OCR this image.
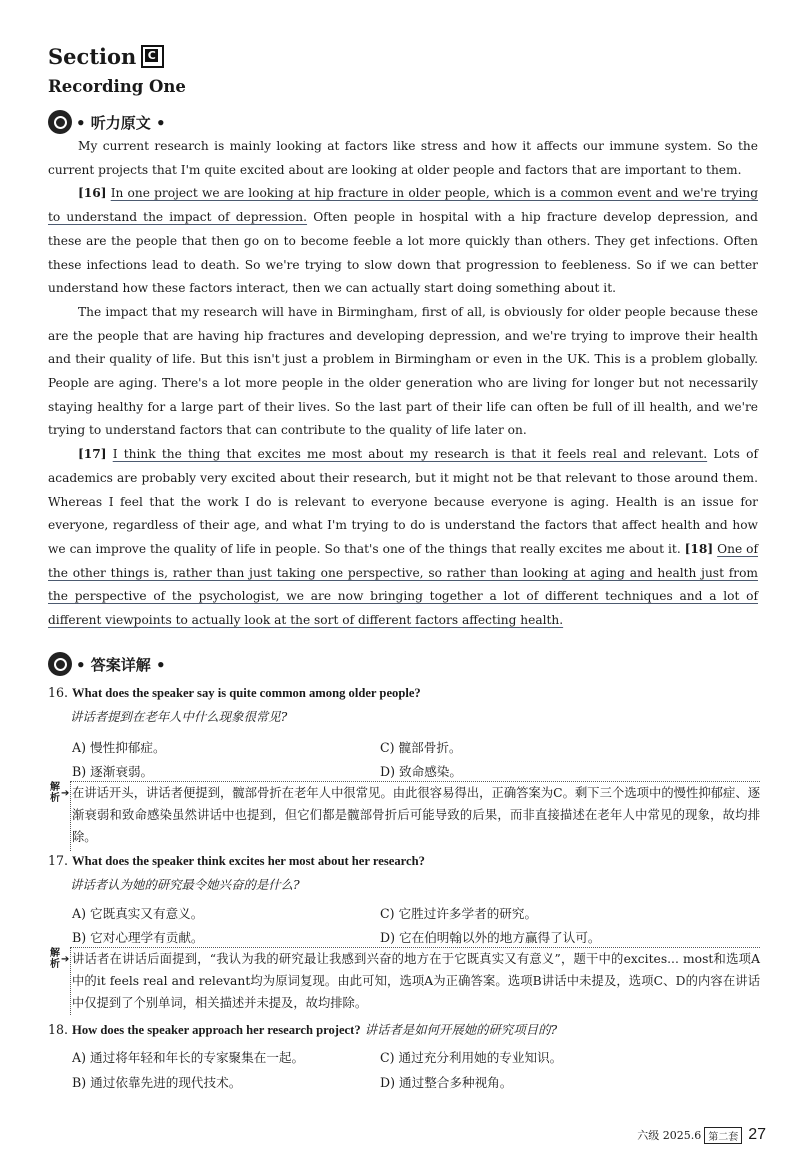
Section C
Recording One
• 听力原文 •

My current research is mainly looking at factors like stress and how it affects our immune system. So the current projects that I'm quite excited about are looking at older people and factors that are important to them.

[16] In one project we are looking at hip fracture in older people, which is a common event and we're trying to understand the impact of depression. Often people in hospital with a hip fracture develop depression, and these are the people that then go on to become feeble a lot more quickly than others. They get infections. Often these infections lead to death. So we're trying to slow down that progression to feebleness. So if we can better understand how these factors interact, then we can actually start doing something about it.

The impact that my research will have in Birmingham, first of all, is obviously for older people because these are the people that are having hip fractures and developing depression, and we're trying to improve their health and their quality of life. But this isn't just a problem in Birmingham or even in the UK. This is a problem globally. People are aging. There's a lot more people in the older generation who are living for longer but not necessarily staying healthy for a large part of their lives. So the last part of their life can often be full of ill health, and we're trying to understand factors that can contribute to the quality of life later on.

[17] I think the thing that excites me most about my research is that it feels real and relevant. Lots of academics are probably very excited about their research, but it might not be that relevant to those around them. Whereas I feel that the work I do is relevant to everyone because everyone is aging. Health is an issue for everyone, regardless of their age, and what I'm trying to do is understand the factors that affect health and how we can improve the quality of life in people. So that's one of the things that really excites me about it. [18] One of the other things is, rather than just taking one perspective, so rather than looking at aging and health just from the perspective of the psychologist, we are now bringing together a lot of different techniques and a lot of different viewpoints to actually look at the sort of different factors affecting health.

• 答案详解 •
16. What does the speaker say is quite common among older people?
讲话者提到在老年人中什么现象很常见?
A) 慢性抑郁症。	C) 髋部骨折。
B) 逐渐衰弱。	D) 致命感染。
解析 ➔ 在讲话开头，讲话者便提到，髋部骨折在老年人中很常见。由此很容易得出，正确答案为C。剩下三个选项中的慢性抑郁症、逐渐衰弱和致命感染虽然讲话中也提到，但它们都是髋部骨折后可能导致的后果，而非直接描述在老年人中常见的现象，故均排除。
17. What does the speaker think excites her most about her research?
讲话者认为她的研究最令她兴奋的是什么?
A) 它既真实又有意义。	C) 它胜过许多学者的研究。
B) 它对心理学有贡献。	D) 它在伯明翰以外的地方赢得了认可。
解析 ➔ 讲话者在讲话后面提到，“我认为我的研究最让我感到兴奋的地方在于它既真实又有意义”，题干中的excites... most和选项A中的it feels real and relevant均为原词复现。由此可知，选项A为正确答案。选项B讲话中未提及，选项C、D的内容在讲话中仅提到了个别单词，相关描述并未提及，故均排除。
18. How does the speaker approach her research project? 讲话者是如何开展她的研究项目的?
A) 通过将年轻和年长的专家聚集在一起。	C) 通过充分利用她的专业知识。
B) 通过依靠先进的现代技术。	D) 通过整合多种视角。
六级 2025.6 第二套 27
